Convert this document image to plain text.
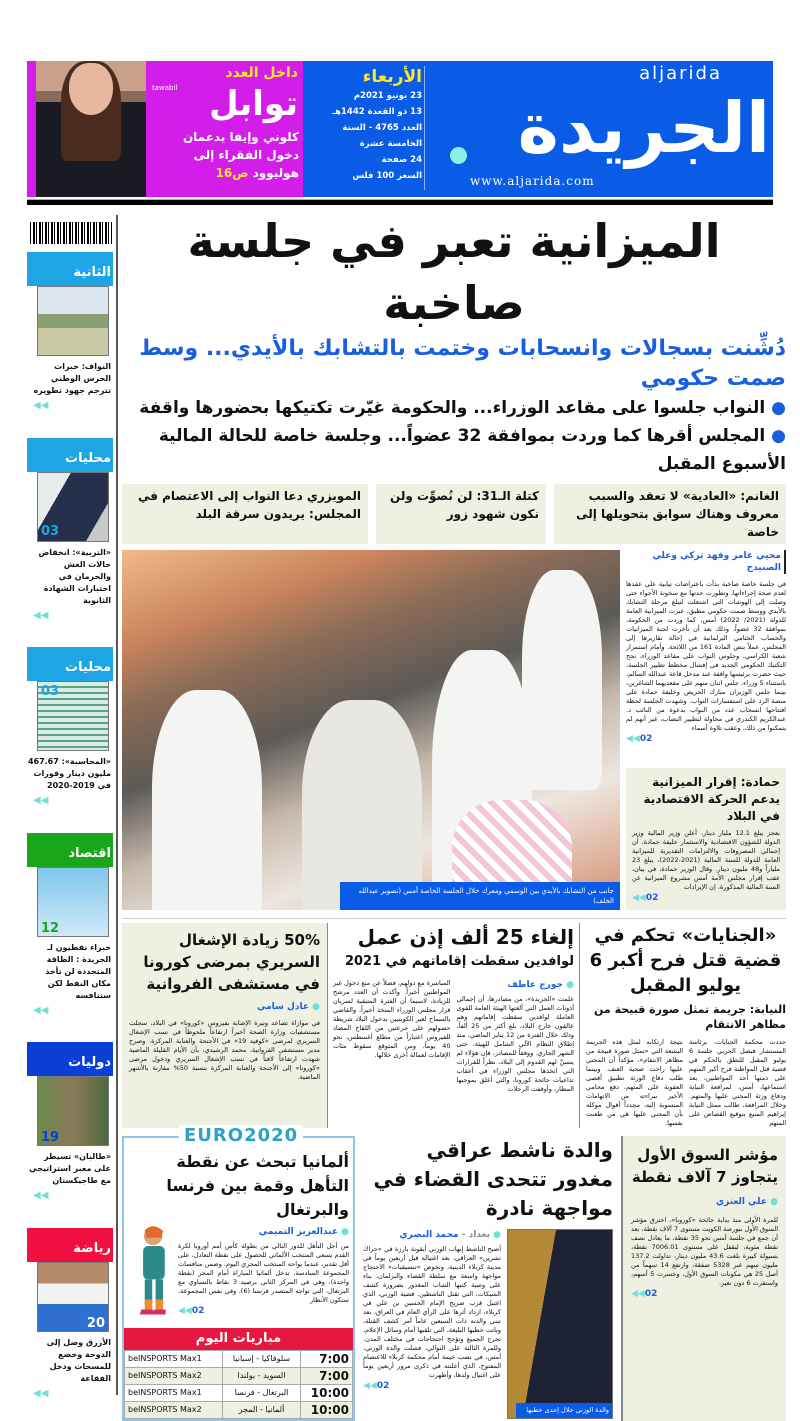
داخل العدد
tawabil توابل
كلوني وإيفا يدعمان دخول الفقراء إلى هوليوود ص16
الأربعاء
23 يونيو 2021م
13 ذو القعدة 1442هـ
العدد 4765 - السنة الخامسة عشرة
24 صفحة
السعر 100 فلس
aljarida
الجريدة
www.aljarida.com
الثانية
النواف: خبرات الحرس الوطني تترجم جهود تطويره
◀◀
محليات
03
«التربية»: انخفاض حالات الغش والحرمان في اختبارات الشهادة الثانوية
◀◀
محليات
03
«المحاسبة»: 467.67 مليون دينار وفورات في 2019-2020
◀◀
اقتصاد
12
خبراء نفطيون لـ الجريدة : الطاقة المتجددة لن تأخذ مكان النفط لكن ستنافسه
◀◀
دوليات
19
«طالبان» تسيطر على معبر استراتيجي مع طاجيكستان
◀◀
رياضة
20
الأزرق وصل إلى الدوحة وخضع للمسحات ودخل الفقاعة
◀◀
الميزانية تعبر في جلسة صاخبة
دُشِّنت بسجالات وانسحابات وختمت بالتشابك بالأيدي... وسط صمت حكومي
● النواب جلسوا على مقاعد الوزراء... والحكومة غيّرت تكتيكها بحضورها واقفة
● المجلس أقرها كما وردت بموافقة 32 عضواً... وجلسة خاصة للحالة المالية الأسبوع المقبل
الغانم: «العادية» لا تعقد والسبب معروف وهناك سوابق بتحويلها إلى خاصة
كتلة الـ31: لن نُصوِّت ولن نكون شهود زور
المويزري دعا النواب إلى الاعتصام في المجلس: يريدون سرقة البلد
جانب من التشابك بالأيدي بين الوسمي ومعرك خلال الجلسة الخاصة أمس (تصوير عبدالله الخلف)
محيي عامر وفهد تركي وعلي الصنيدح

في جلسة خاصة صاخبة بدأت باعتراضات نيابية على عقدها لعدم صحة إجراءاتها، وتطورت حدتها مع سخونة الأجواء حتى وصلت إلى الهوشات التي اشتعلت لتبلغ مرحلة التشابك بالأيدي ووسط صمت حكومي مطبق، عبرت الميزانية العامة للدولة (2021/ 2022) أمس، كما وردت من الحكومة، بموافقة 32 عضواً، وذلك بعد أن تأخرت لجنة الميزانيات والحساب الختامي البرلمانية في إحالة تقاريرها إلى المجلس، عملاً بنص المادة 161 من اللائحة. وأمام استمرار شعبة الكراسي، وجلوس النواب على مقاعد الوزراء، نجح التكتيك الحكومي الجديد في إفشال مخطط تطيير الجلسة، حيث حضرت برئيسها واقفة عند مدخل قاعة عبدالله السالم، باستثناء 5 وزراء، جلس اثنان منهم على مقعديهما الشاغرين، بينما جلس الوزيران مبارك الحريص وخليفة حمادة على منصة الرد على استفسارات النواب. وشهدت الجلسة لحظة افتتاحها انسحاب عدد من النواب بدعوة من النائب د. عبدالكريم الكندري في محاولة لتطيير النصاب، غير أنهم لم يتمكنوا من ذلك، وعقب تلاوة أسماء

02◀◀
حمادة: إقرار الميزانية يدعم الحركة الاقتصادية في البلاد

بعجز يبلغ 12.1 مليار دينار، أعلن وزير المالية وزير الدولة للشؤون الاقتصادية والاستثمار خليفة حمادة، أن إجمالي المصروفات والالتزامات التقديرية للميزانية العامة للدولة للسنة المالية (2021-2022)، يبلغ 23 ملياراً و48 مليون دينار. وقال الوزير حمادة، في بيان، عقب إقرار مجلس الأمة أمس مشروع الميزانية عن السنة المالية المذكورة، إن الإيرادات

02◀◀
50% زيادة الإشغال السريري بمرضى كورونا في مستشفى الفروانية
● عادل سامي

في موازاة تصاعد وتيرة الإصابة بفيروس «كورونا» في البلاد، سجلت مستشفيات وزارة الصحة أخيراً ارتفاعاً ملحوظاً في نسب الإشغال السريري لمرضى «كوفيد 19» في الأجنحة والعناية المركزة. وصرح مدير مستشفى الفروانية، محمد الرشيدي، بأن الأيام القليلة الماضية شهدت ارتفاعاً لافتاً في نسب الإشغال السريري ودخول مرضى «كورونا» إلى الأجنحة والعناية المركزة بنسبة 50% مقارنة بالأشهر الماضية.

إلغاء 25 ألف إذن عمل
لوافدين سقطت إقاماتهم في 2021
● جورج عاطف

علمت «الجريدة»، من مصادرها، أن إجمالي أذونات العمل التي ألغتها الهيئة العامة للقوى العاملة لوافدين سقطت إقاماتهم وهم عالقون خارج البلاد، بلغ أكثر من 25 ألفاً، وذلك خلال الفترة من 12 يناير الماضي، منذ إطلاق النظام الآلي الشامل للهيئة، حتى الشهر الجاري. ووفقاً للمصادر، فإن هؤلاء لم يتسنَّ لهم القدوم إلى البلاد، نظراً للقرارات التي اتخذها مجلس الوزراء في أعقاب تداعيات جائحة كورونا، والتي أغلق بموجبها المطار، وأوقفت الرحلات

المباشرة مع دولهم، فضلاً عن منع دخول غير المواطنين أخيراً. وأكدت أن العدد مرشح للزيادة، لاسيما أن الفترة المتبقية لسريان قرار مجلس الوزراء المتخذ أخيراً، والقاضي بالسماح لغير الكويتيين بدخول البلاد شريطة حصولهم على جرعتين من اللقاح المضاد للفيروس اعتباراً من مطلع أغسطس، نحو 40 يوماً، ومن المتوقع سقوط مئات الإقامات لعمالة أخرى خلالها.

«الجنايات» تحكم في قضية قتل فرح أكبر 6 يوليو المقبل
النيابة: جريمة تمثل صورة قبيحة من مظاهر الانتقام

حددت محكمة الجنايات، برئاسة المستشار فيصل الحربي جلسة 6 يوليو المقبل للنطق بالحكم في قضية قتل المواطنة فرح أكبر المتهم على ذمتها أحد المواطنين، بعد استماعها، أمس، لمرافعة النيابة ودفاع ورثة المجني عليها والمتهم. وخلال المرافعة، طالب ممثل النيابة إبراهيم المنيع بتوقيع القصاص على المتهم

نتيجة ارتكابه لمثل هذه الجريمة البشعة التي «تمثل صورة قبيحة من مظاهر الانتقام»، مؤكداً أن المجني عليها راحت ضحية العنف. وبينما طلب دفاع الورثة تطبيق أقصى العقوبة على المتهم، دفع محامي الأخير ببراءته من الاتهامات المنسوبة إليه، مجدداً أقوال موكله بأن المجني عليها هي من طعنت نفسها.

EURO2020
ألمانيا تبحث عن نقطة التأهل وقمة بين فرنسا والبرتغال
● عبدالعزيز التميمي

من أجل التأهل للدور التالي من بطولة كأس أمم أوروبا لكرة القدم يسعى المنتخب الألماني للحصول على نقطة التعادل، على أقل تقدير، عندما يواجه المنتخب المجري اليوم. وضمن منافسات المجموعة السادسة، تدخل ألمانيا المباراة أمام المجر (نقطة واحدة)، وهي في المركز الثاني برصيد 3 نقاط بالتساوي مع البرتغال، التي تواجه المتصدر فرنسا (6). وفي نفس المجموعة، ستكون الأنظار

02◀◀
مباريات اليوم
7:00	سلوفاكيا - إسبانيا	beINSPORTS Max1
7:00	السويد - بولندا	beINSPORTS Max2
10:00	البرتغال - فرنسا	beINSPORTS Max1
10:00	ألمانيا - المجر	beINSPORTS Max2
والدة ناشط عراقي مغدور تتحدى القضاء في مواجهة نادرة
● بغداد - محمد البصري

أصبح الناشط إيهاب الوزني أيقونة بارزة في «حراك تشرين» العراقي، بعد اغتياله قبل أربعين يوماً في مدينة كربلاء الدينية، وتخوض «تنسيقيات» الاحتجاج مواجهة واسعة مع سلطة القضاء والبرلمان، بناء على وصية كتبها الشاب المغدور بضرورة كشف الشبكات، التي تقتل الناشطين. قضية الوزني، الذي اغتيل قرب ضريح الإمام الحسين بن علي في كربلاء، ازداد أثرها على الرأي العام في العراق، بعد تبني والدته ذات السبعين عاماً أمر كشف القتلة، وباتت خطبها البليغة، التي تلقيها أمام وسائل الإعلام، تحرج الجميع وتؤجج احتجاجات في مختلف المدن. وللمرة الثالثة على التوالي، فشلت والدة الوزني، أمس، في نصب خيمة أمام محكمة كربلاء للاعتصام المفتوح، الذي أعلنته في ذكرى مرور أربعين يوماً على اغتيال ولدها، وأظهرت

02◀◀
والدة الوزني خلال إحدى خطبها
مؤشر السوق الأول يتجاوز 7 آلاف نقطة
● علي العنزي

للمرة الأولى منذ بداية جائحة «كورونا»، اخترق مؤشر السوق الأول ببورصة الكويت مستوى 7 آلاف نقطة، بعد أن جمع في جلسة أمس نحو 35 نقطة، ما يعادل نصف نقطة مئوية، ليقفل على مستوى 7006.01 نقطة، بسيولة كبيرة بلغت 43.6 مليون دينار، تداولت 137.2 مليون سهم عبر 5328 صفقة، وارتفع 14 سهماً من أصل 25 هي مكونات السوق الأول، وخسرت 5 أسهم، واستقرت 6 دون تغير.

02◀◀
